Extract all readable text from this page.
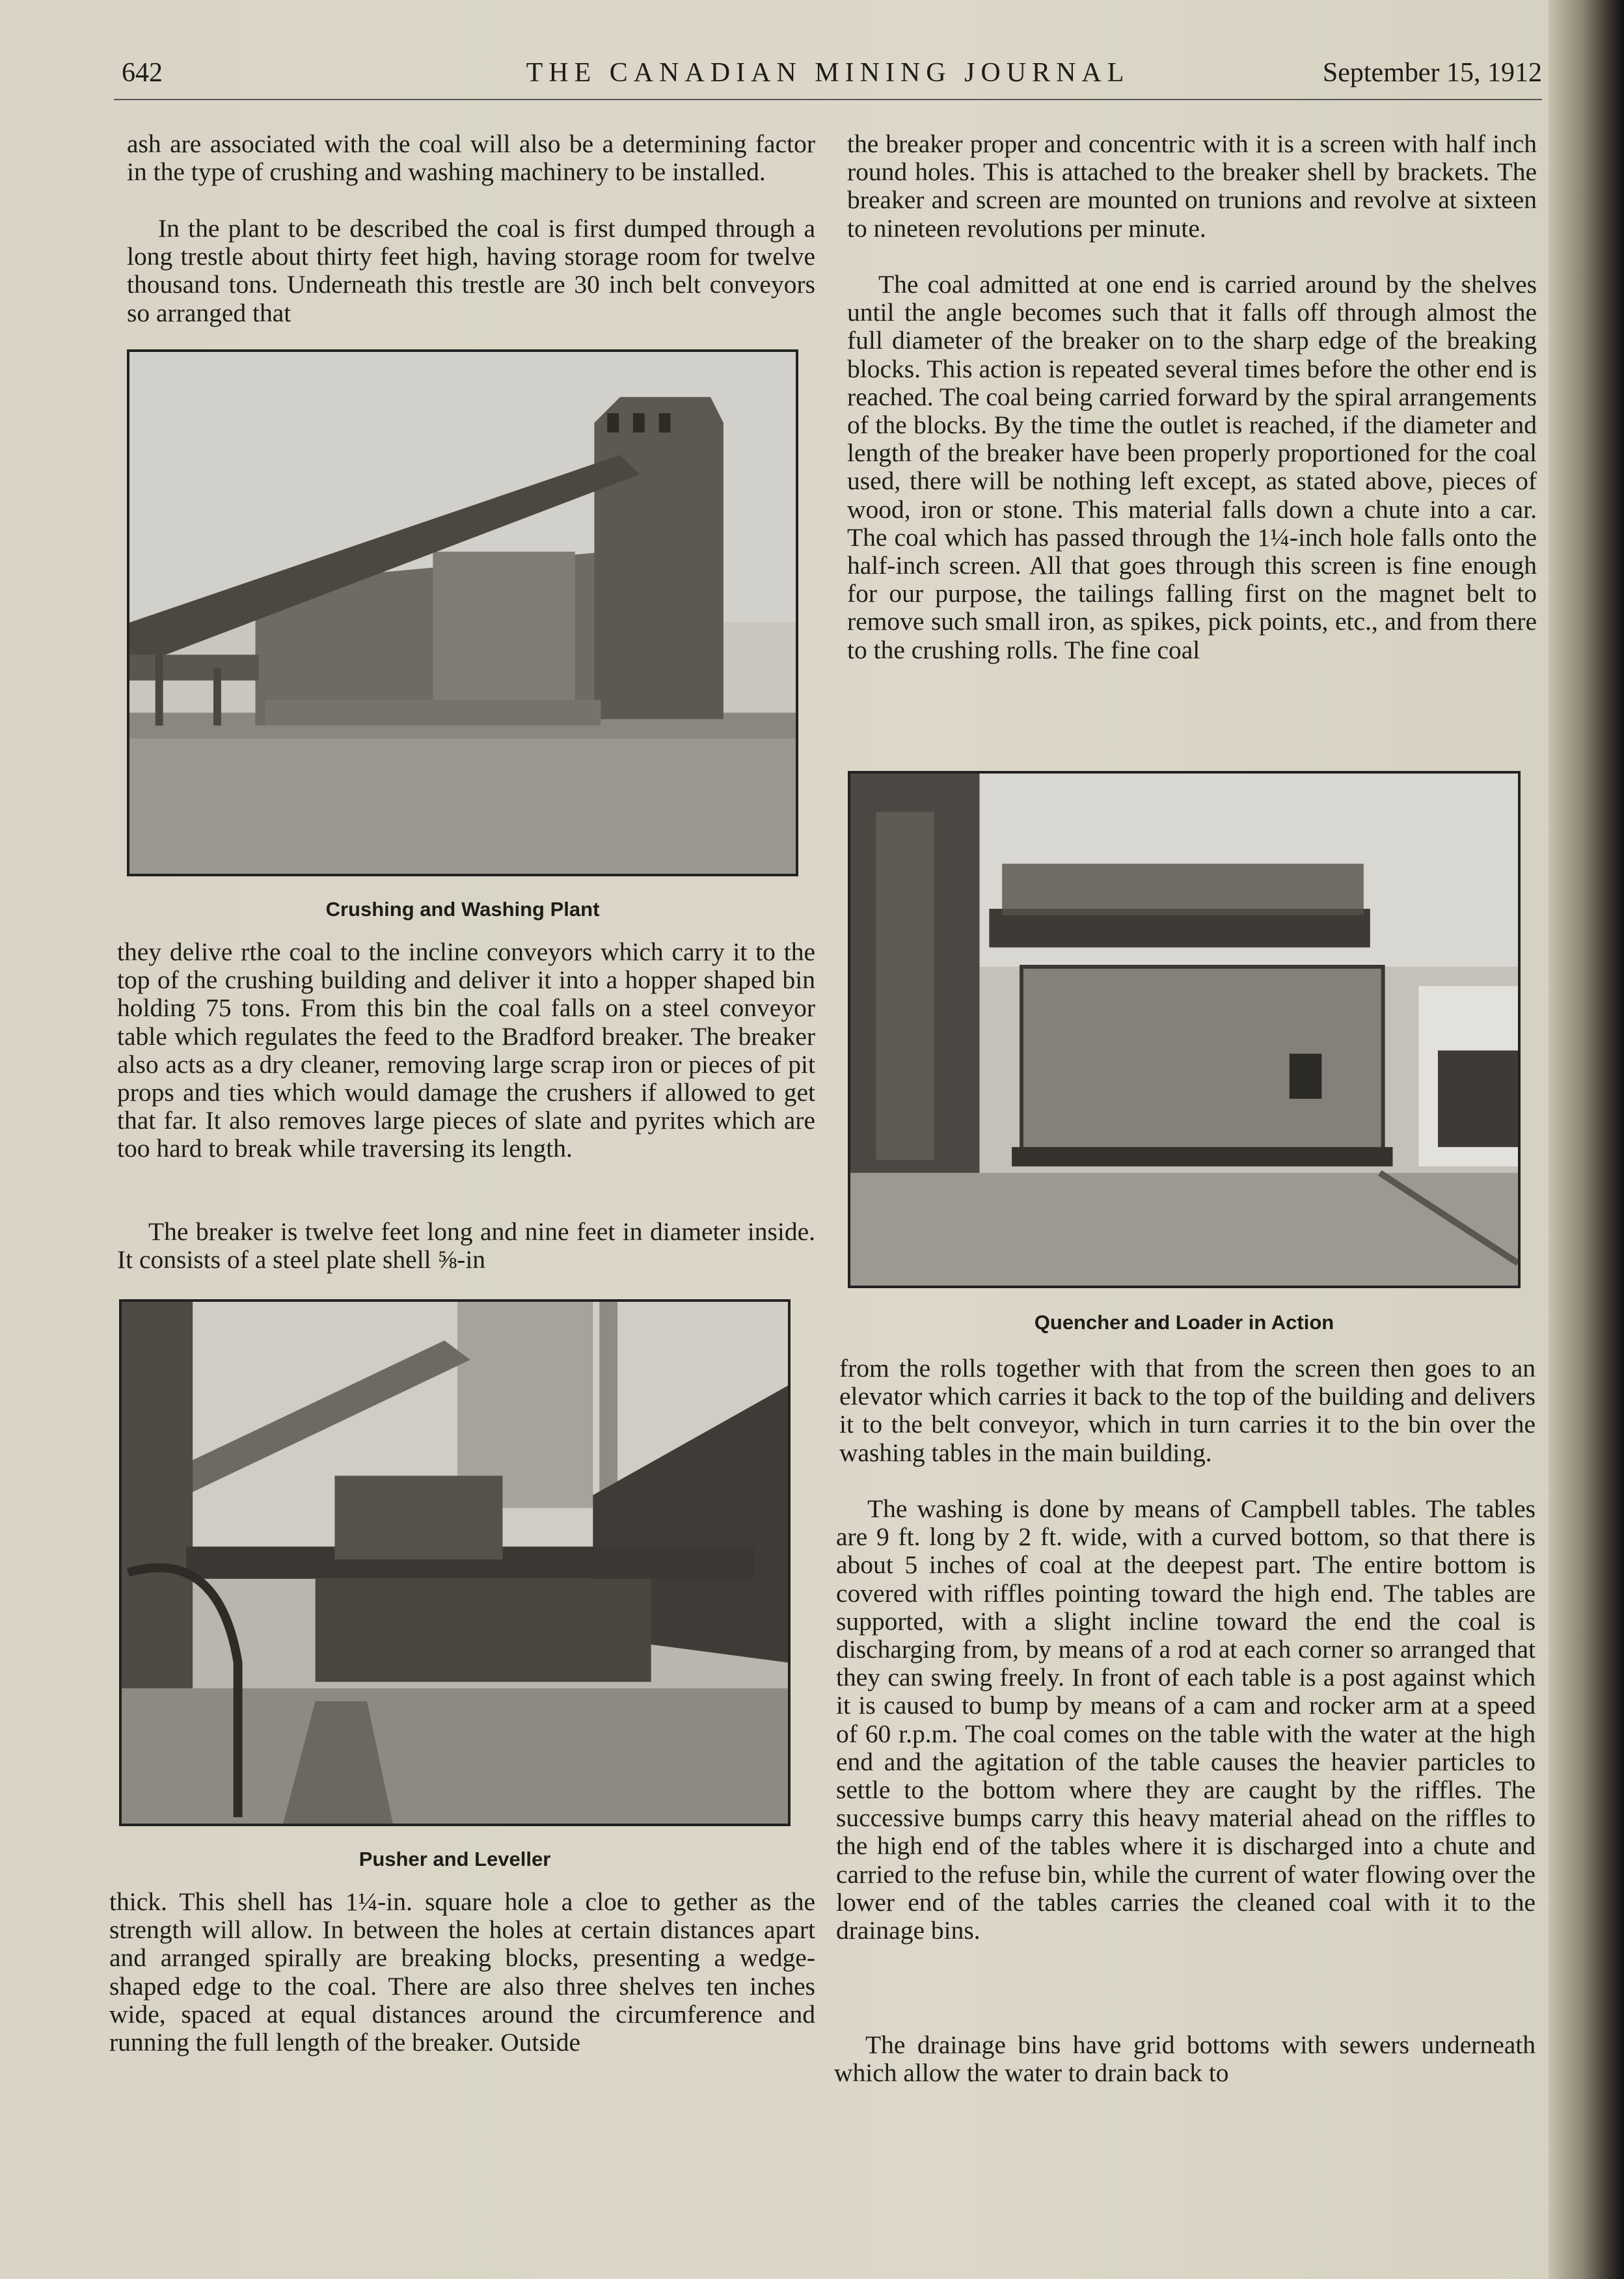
642	THE CANADIAN MINING JOURNAL	September 15, 1912

ash are associated with the coal will also be a determining factor in the type of crushing and washing machinery to be installed.

In the plant to be described the coal is first dumped through a long trestle about thirty feet high, having storage room for twelve thousand tons. Underneath this trestle are 30 inch belt conveyors so arranged that

Crushing and Washing Plant

they delive rthe coal to the incline conveyors which carry it to the top of the crushing building and deliver it into a hopper shaped bin holding 75 tons. From this bin the coal falls on a steel conveyor table which regulates the feed to the Bradford breaker. The breaker also acts as a dry cleaner, removing large scrap iron or pieces of pit props and ties which would damage the crushers if allowed to get that far. It also removes large pieces of slate and pyrites which are too hard to break while traversing its length.

The breaker is twelve feet long and nine feet in diameter inside. It consists of a steel plate shell ⅝-in

Pusher and Leveller

thick. This shell has 1¼-in. square hole a cloe to gether as the strength will allow. In between the holes at certain distances apart and arranged spirally are breaking blocks, presenting a wedge-shaped edge to the coal. There are also three shelves ten inches wide, spaced at equal distances around the circumference and running the full length of the breaker. Outside

the breaker proper and concentric with it is a screen with half inch round holes. This is attached to the breaker shell by brackets. The breaker and screen are mounted on trunions and revolve at sixteen to nineteen revolutions per minute.

The coal admitted at one end is carried around by the shelves until the angle becomes such that it falls off through almost the full diameter of the breaker on to the sharp edge of the breaking blocks. This action is repeated several times before the other end is reached. The coal being carried forward by the spiral arrangements of the blocks. By the time the outlet is reached, if the diameter and length of the breaker have been properly proportioned for the coal used, there will be nothing left except, as stated above, pieces of wood, iron or stone. This material falls down a chute into a car. The coal which has passed through the 1¼-inch hole falls onto the half-inch screen. All that goes through this screen is fine enough for our purpose, the tailings falling first on the magnet belt to remove such small iron, as spikes, pick points, etc., and from there to the crushing rolls. The fine coal

Quencher and Loader in Action

from the rolls together with that from the screen then goes to an elevator which carries it back to the top of the building and delivers it to the belt conveyor, which in turn carries it to the bin over the washing tables in the main building.

The washing is done by means of Campbell tables. The tables are 9 ft. long by 2 ft. wide, with a curved bottom, so that there is about 5 inches of coal at the deepest part. The entire bottom is covered with riffles pointing toward the high end. The tables are supported, with a slight incline toward the end the coal is discharging from, by means of a rod at each corner so arranged that they can swing freely. In front of each table is a post against which it is caused to bump by means of a cam and rocker arm at a speed of 60 r.p.m. The coal comes on the table with the water at the high end and the agitation of the table causes the heavier particles to settle to the bottom where they are caught by the riffles. The successive bumps carry this heavy material ahead on the riffles to the high end of the tables where it is discharged into a chute and carried to the refuse bin, while the current of water flowing over the lower end of the tables carries the cleaned coal with it to the drainage bins.

The drainage bins have grid bottoms with sewers underneath which allow the water to drain back to
